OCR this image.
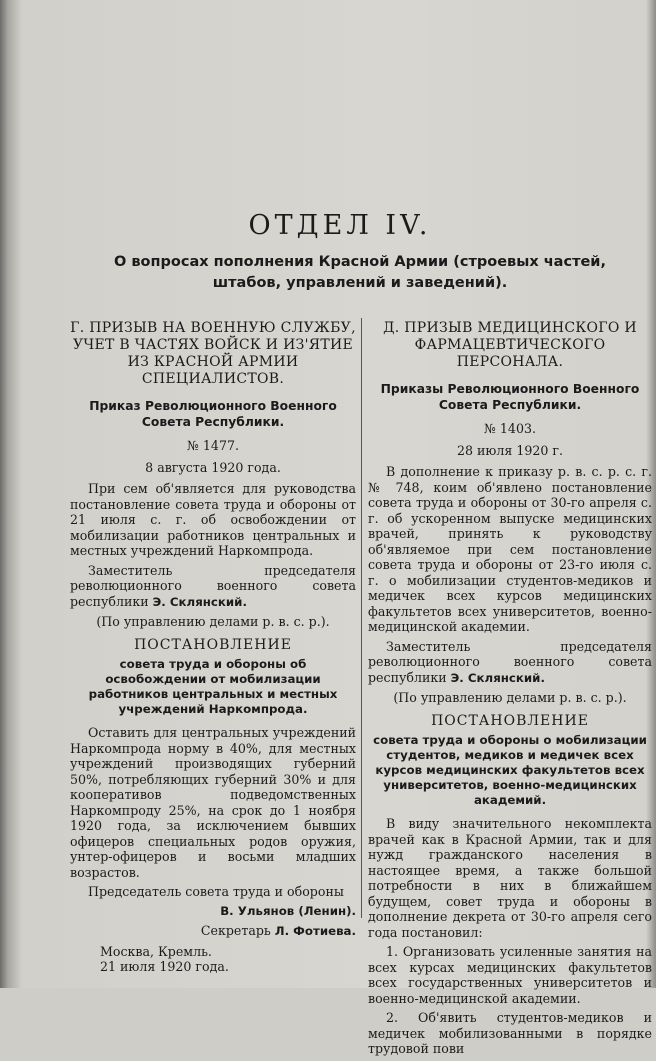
ОТДЕЛ IV.
О вопросах пополнения Красной Армии (строевых частей, штабов, управлений и заведений).
Г. ПРИЗЫВ НА ВОЕННУЮ СЛУЖБУ, УЧЕТ В ЧАСТЯХ ВОЙСК И ИЗ'ЯТИЕ ИЗ КРАСНОЙ АРМИИ СПЕЦИАЛИСТОВ.
Приказ Революционного Военного Совета Республики.
№ 1477.
8 августа 1920 года.
При сем об'является для руководства постановление совета труда и обороны от 21 июля с. г. об освобождении от мобилизации работников центральных и местных учреждений Наркомпрода.
Заместитель председателя революционного военного совета республики Э. Склянский.
(По управлению делами р. в. с. р.).
ПОСТАНОВЛЕНИЕ
совета труда и обороны об освобождении от мобилизации работников центральных и местных учреждений Наркомпрода.
Оставить для центральных учреждений Наркомпрода норму в 40%, для местных учреждений производящих губерний 50%, потребляющих губерний 30% и для кооперативов подведомственных Наркомпроду 25%, на срок до 1 ноября 1920 года, за исключением бывших офицеров специальных родов оружия, унтер-офицеров и восьми младших возрастов.
Председатель совета труда и обороны
В. Ульянов (Ленин).
Секретарь Л. Фотиева.
Москва, Кремль.
21 июля 1920 года.
Д. ПРИЗЫВ МЕДИЦИНСКОГО И ФАРМАЦЕВТИЧЕСКОГО ПЕРСОНАЛА.
Приказы Революционного Военного Совета Республики.
№ 1403.
28 июля 1920 г.
В дополнение к приказу р. в. с. р. с. г. № 748, коим об'явлено постановление совета труда и обороны от 30-го апреля с. г. об ускоренном выпуске медицинских врачей, принять к руководству об'являемое при сем постановление совета труда и обороны от 23-го июля с. г. о мобилизации студентов-медиков и медичек всех курсов медицинских факультетов всех университетов, военно-медицинской академии.
Заместитель председателя революционного военного совета республики Э. Склянский.
(По управлению делами р. в. с. р.).
ПОСТАНОВЛЕНИЕ
совета труда и обороны о мобилизации студентов, медиков и медичек всех курсов медицинских факультетов всех университетов, военно-медицинских академий.
В виду значительного некомплекта врачей как в Красной Армии, так и для нужд гражданского населения в настоящее время, а также большой потребности в них в ближайшем будущем, совет труда и обороны в дополнение декрета от 30-го апреля сего года постановил:
1. Организовать усиленные занятия на всех курсах медицинских факультетов всех государственных университетов и военно-медицинской академии.
2. Об'явить студентов-медиков и медичек мобилизованными в порядке трудовой пови
